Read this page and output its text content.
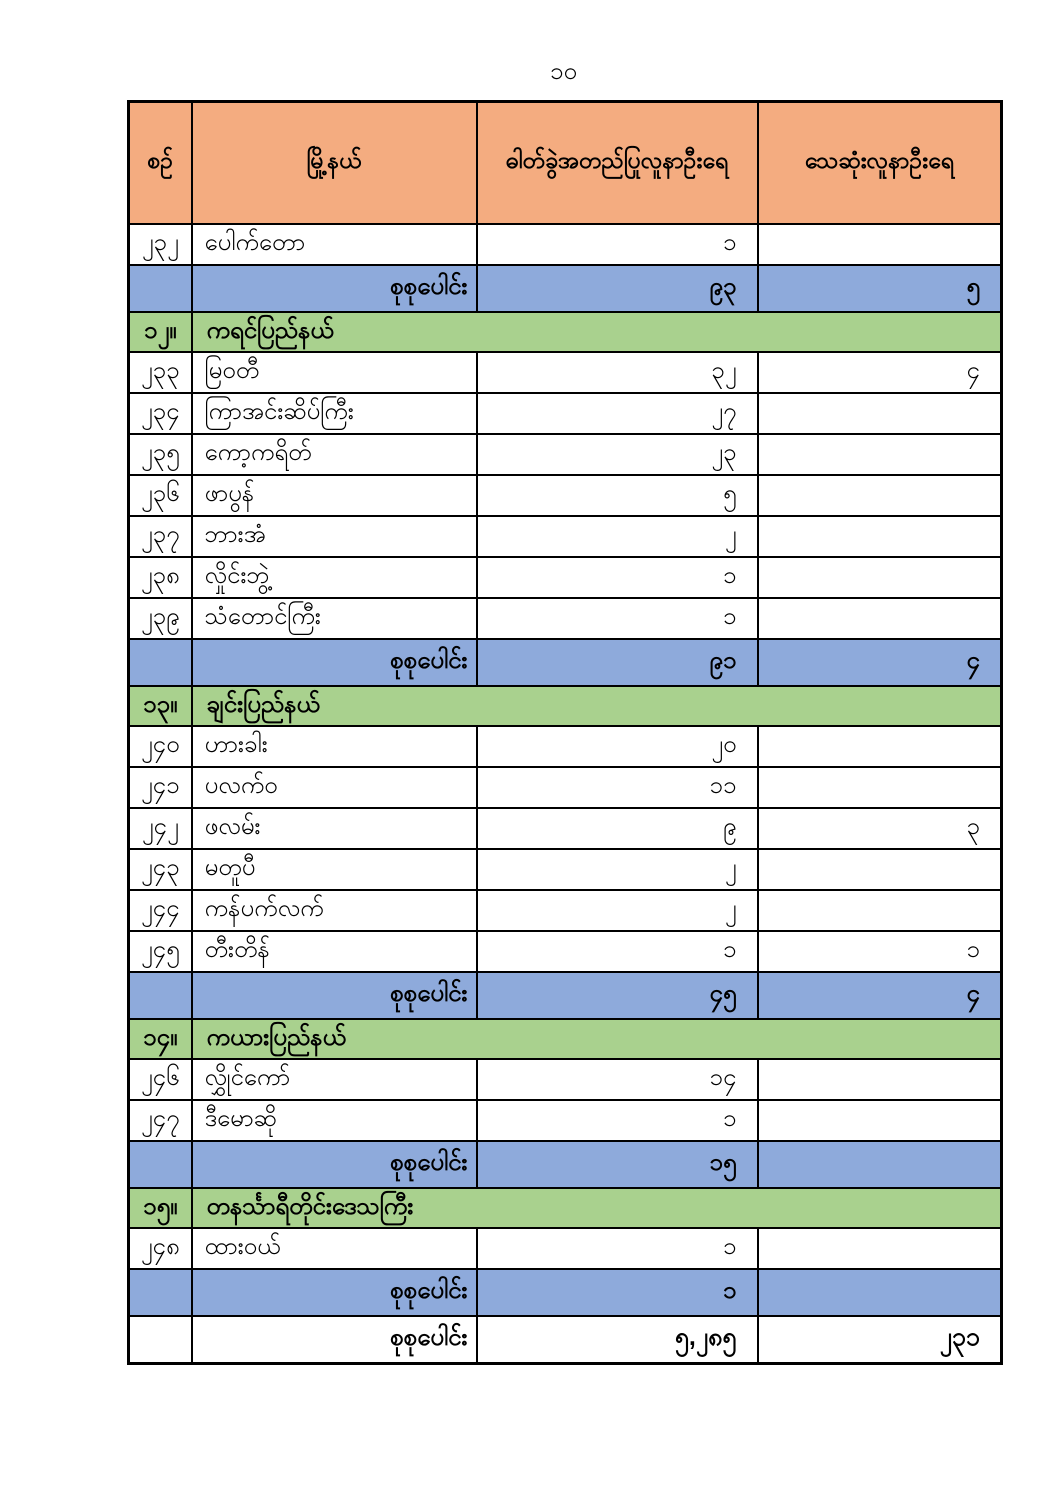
၁၀
စဉ်	မြို့နယ်	ဓါတ်ခွဲအတည်ပြုလူနာဦးရေ	သေဆုံးလူနာဦးရေ
၂၃၂	ပေါက်တော	၁	
	စုစုပေါင်း	၉၃	၅
၁၂။	ကရင်ပြည်နယ်		
၂၃၃	မြဝတီ	၃၂	၄
၂၃၄	ကြာအင်းဆိပ်ကြီး	၂၇	
၂၃၅	ကော့ကရိတ်	၂၃	
၂၃၆	ဖာပွန်	၅	
၂၃၇	ဘားအံ	၂	
၂၃၈	လှိုင်းဘွဲ့	၁	
၂၃၉	သံတောင်ကြီး	၁	
	စုစုပေါင်း	၉၁	၄
၁၃။	ချင်းပြည်နယ်		
၂၄၀	ဟားခါး	၂၀	
၂၄၁	ပလက်ဝ	၁၁	
၂၄၂	ဖလမ်း	၉	၃
၂၄၃	မတူပီ	၂	
၂၄၄	ကန်ပက်လက်	၂	
၂၄၅	တီးတိန်	၁	၁
	စုစုပေါင်း	၄၅	၄
၁၄။	ကယားပြည်နယ်		
၂၄၆	လွှိုင်ကော်	၁၄	
၂၄၇	ဒီမောဆို	၁	
	စုစုပေါင်း	၁၅	
၁၅။	တနင်္သာရီတိုင်းဒေသကြီး		
၂၄၈	ထားဝယ်	၁	
	စုစုပေါင်း	၁	
	စုစုပေါင်း	၅,၂၈၅	၂၃၁
